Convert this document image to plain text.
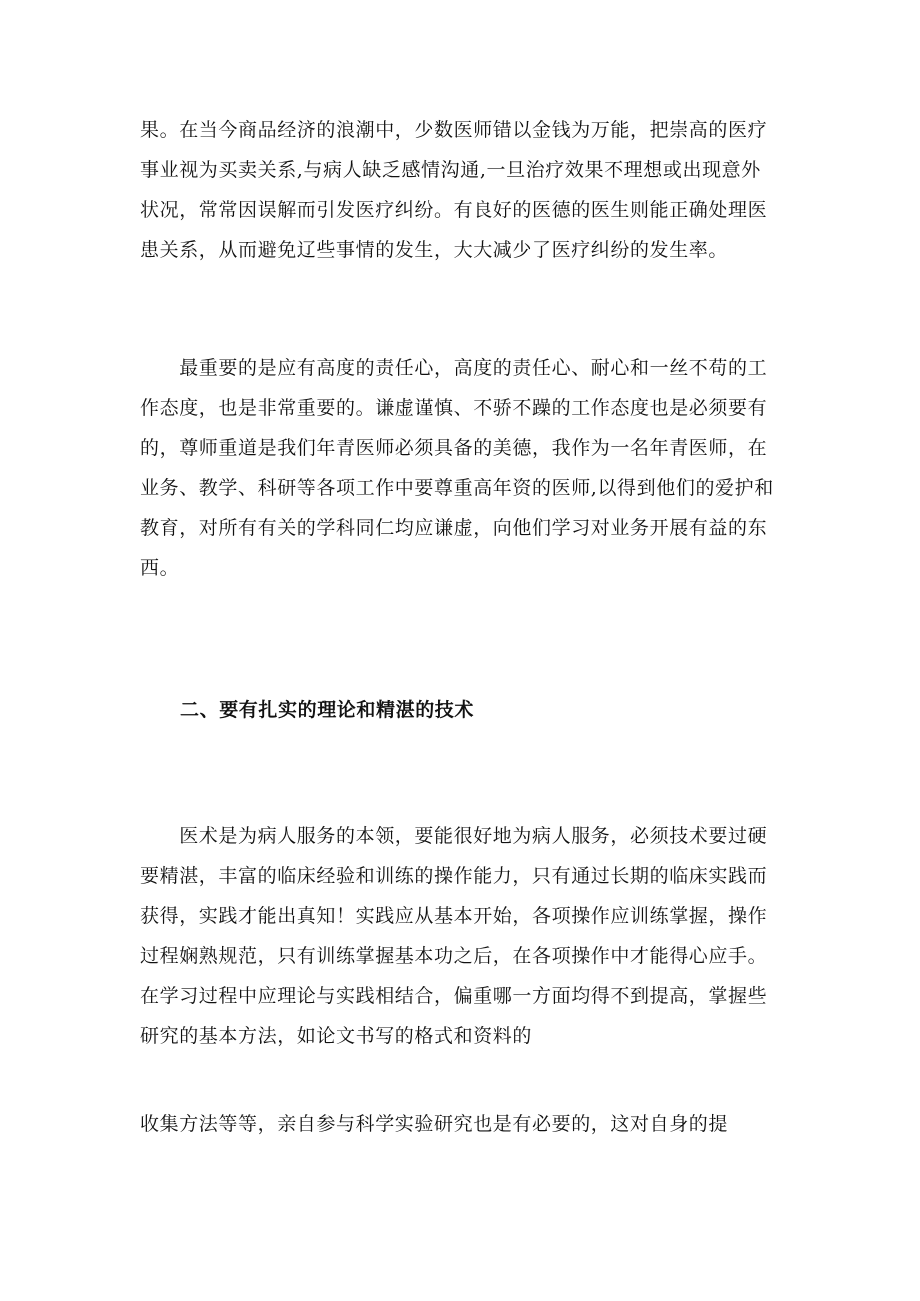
果。在当今商品经济的浪潮中，少数医师错以金钱为万能，把崇高的医疗
事业视为买卖关系,与病人缺乏感情沟通,一旦治疗效果不理想或出现意外
状况，常常因误解而引发医疗纠纷。有良好的医德的医生则能正确处理医
患关系，从而避免辽些事情的发生，大大减少了医疗纠纷的发生率。
　　最重要的是应有高度的责任心，高度的责任心、耐心和一丝不苟的工
作态度，也是非常重要的。谦虚谨慎、不骄不躁的工作态度也是必须要有
的，尊师重道是我们年青医师必须具备的美德，我作为一名年青医师，在
业务、教学、科研等各项工作中要尊重高年资的医师,以得到他们的爱护和
教育，对所有有关的学科同仁均应谦虚，向他们学习对业务开展有益的东
西。
二、要有扎实的理论和精湛的技术
　　医术是为病人服务的本领，要能很好地为病人服务，必须技术要过硬
要精湛，丰富的临床经验和训练的操作能力，只有通过长期的临床实践而
获得，实践才能出真知！实践应从基本开始，各项操作应训练掌握，操作
过程娴熟规范，只有训练掌握基本功之后，在各项操作中才能得心应手。
在学习过程中应理论与实践相结合，偏重哪一方面均得不到提高，掌握些
研究的基本方法，如论文书写的格式和资料的
收集方法等等，亲自参与科学实验研究也是有必要的，这对自身的提
